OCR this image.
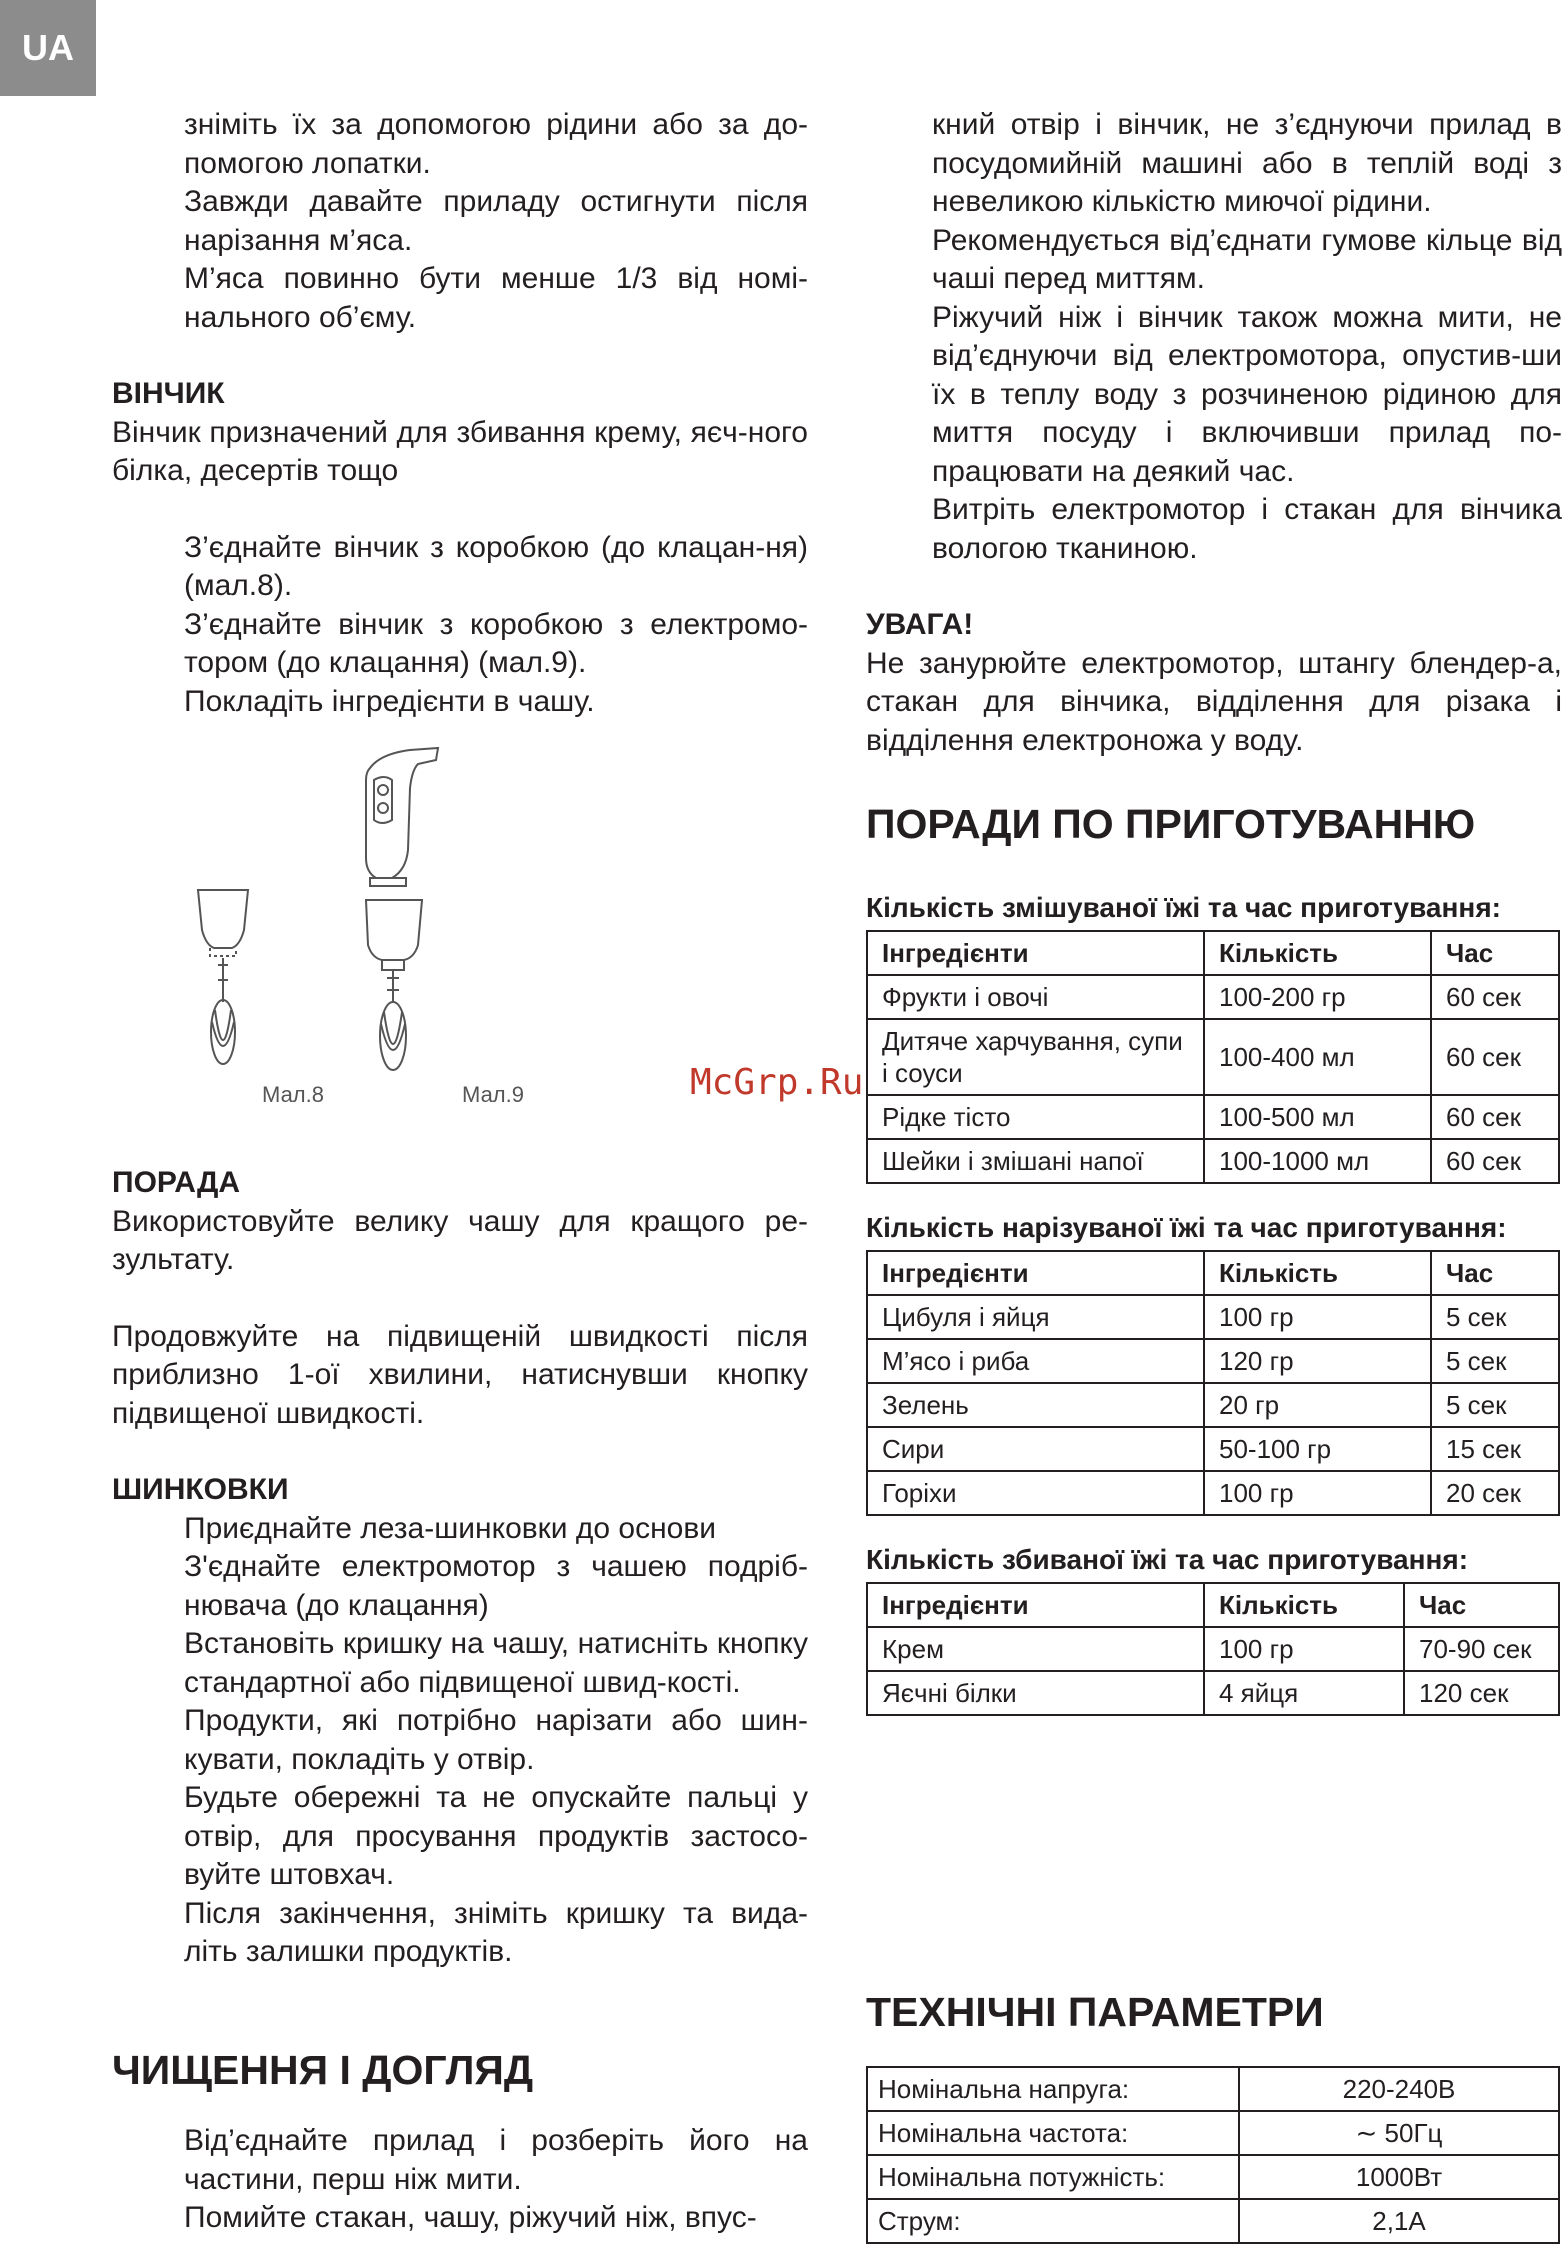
UA

зніміть їх за допомогою рідини або за до-помогою лопатки.

Завжди давайте приладу остигнути після нарізання м’яса.

М’яса повинно бути менше 1/3 від номі-нального об’єму.

ВІНЧИК

Вінчик призначений для збивання крему, яєч-ного білка, десертів тощо

З’єднайте вінчик з коробкою (до клацан-ня) (мал.8).

З’єднайте вінчик з коробкою з електромо-тором (до клацання) (мал.9).

Покладіть інгредієнти в чашу.

Мал.8	Мал.9
ПОРАДА

Використовуйте велику чашу для кращого ре-зультату.

Продовжуйте на підвищеній швидкості після приблизно 1-ої хвилини, натиснувши кнопку підвищеної швидкості.

ШИНКОВКИ

Приєднайте леза-шинковки до основи

З'єднайте електромотор з чашею подріб-нювача (до клацання)

Встановіть кришку на чашу, натисніть кнопку стандартної або підвищеної швид-кості.

Продукти, які потрібно нарізати або шин-кувати, покладіть у отвір.

Будьте обережні та не опускайте пальці у отвір, для просування продуктів застосо-вуйте штовхач.

Після закінчення, зніміть кришку та вида-літь залишки продуктів.

ЧИЩЕННЯ І ДОГЛЯД

Від’єднайте прилад і розберіть його на частини, перш ніж мити.

Помийте стакан, чашу, ріжучий ніж, впус-

кний отвір і вінчик, не з’єднуючи прилад в посудомийній машині або в теплій воді з невеликою кількістю миючої рідини.

Рекомендується від’єднати гумове кільце від чаші перед миттям.

Ріжучий ніж і вінчик також можна мити, не від’єднуючи від електромотора, опустив-ши їх в теплу воду з розчиненою рідиною для миття посуду і включивши прилад по-працювати на деякий час.

Витріть електромотор і стакан для вінчика вологою тканиною.

УВАГА!

Не занурюйте електромотор, штангу блендер-а, стакан для вінчика, відділення для різака і відділення електроножа у воду.

ПОРАДИ ПО ПРИГОТУВАННЮ
Кількість змішуваної їжі та час приготування:
Інгредієнти	Кількість	Час
Фрукти і овочі	100-200 гр	60 сек
Дитяче харчування, супи і соуси	100-400 мл	60 сек
Рідке тісто	100-500 мл	60 сек
Шейки і змішані напої	100-1000 мл	60 сек
Кількість нарізуваної їжі та час приготування:
Інгредієнти	Кількість	Час
Цибуля і яйця	100 гр	5 сек
М’ясо і риба	120 гр	5 сек
Зелень	20 гр	5 сек
Сири	50-100 гр	15 сек
Горіхи	100 гр	20 сек
Кількість збиваної їжі та час приготування:
Інгредієнти	Кількість	Час
Крем	100 гр	70-90 сек
Яєчні білки	4 яйця	120 сек
ТЕХНІЧНІ ПАРАМЕТРИ
Номінальна напруга:	220-240В
Номінальна частота:	∼ 50Гц
Номінальна потужність:	1000Вт
Струм:	2,1А
McGrp.Ru
